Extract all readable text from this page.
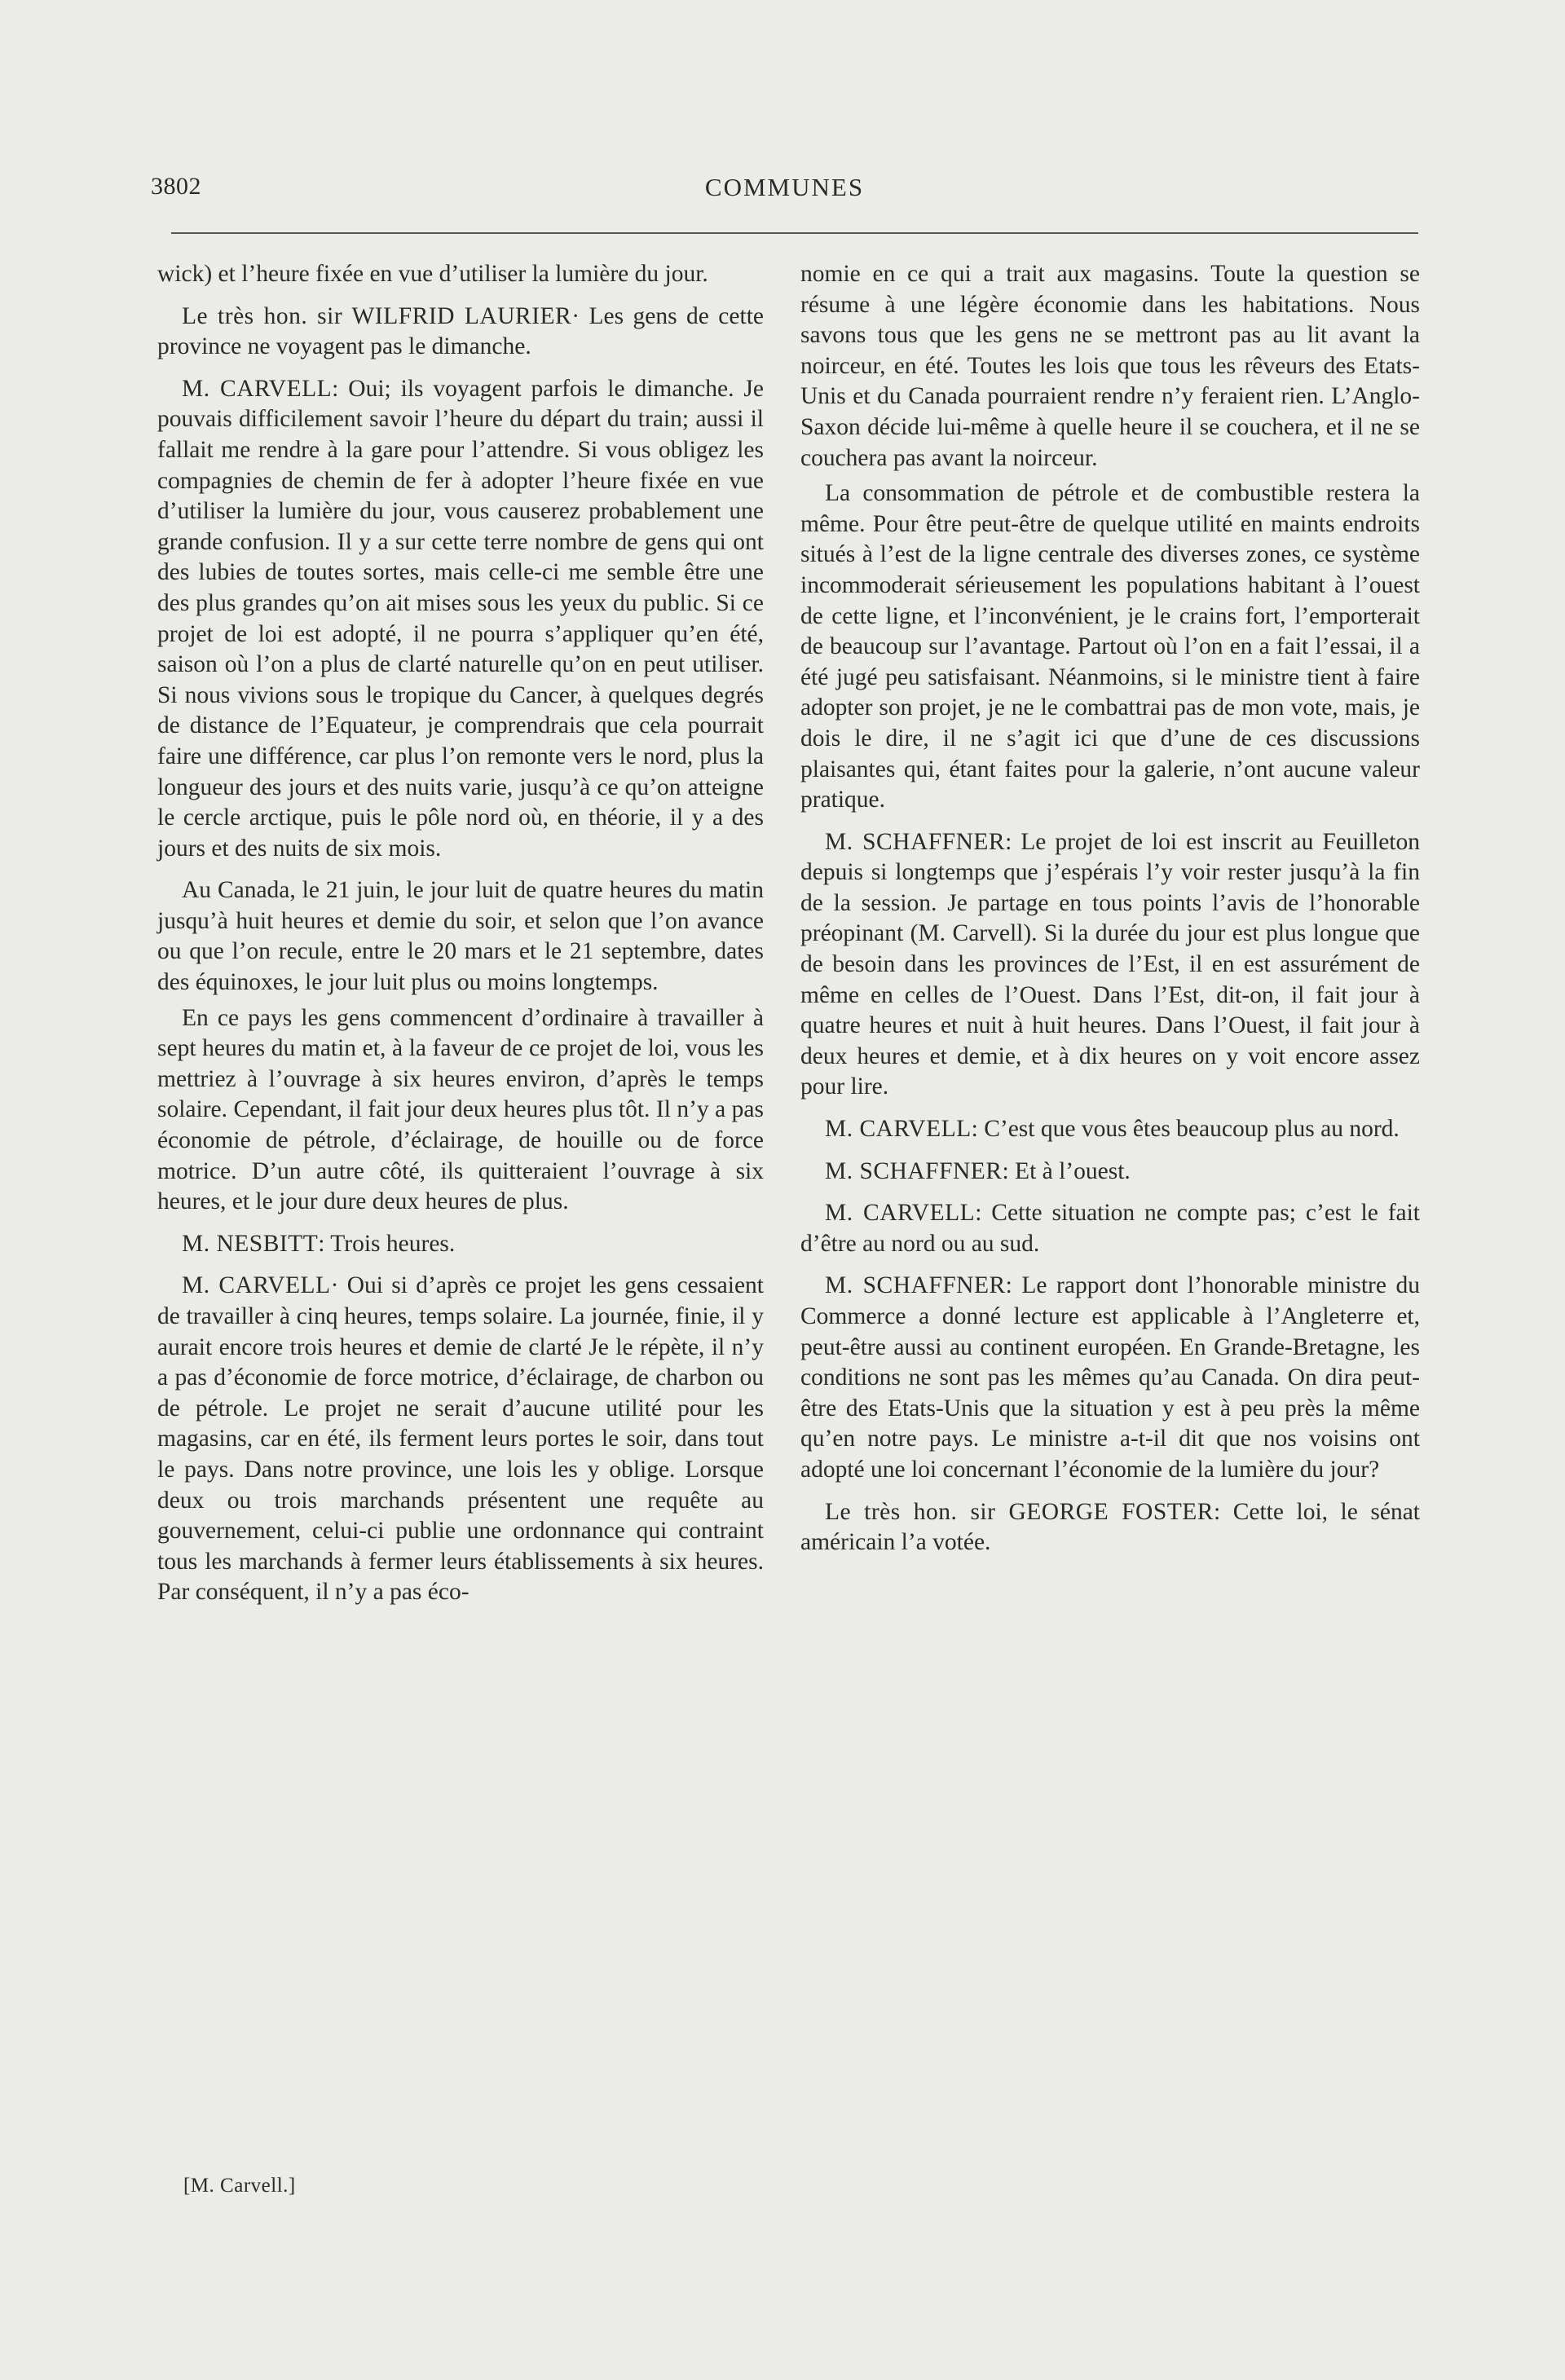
3802	COMMUNES

wick) et l’heure fixée en vue d’utiliser la lumière du jour.

Le très hon. sir WILFRID LAURIER· Les gens de cette province ne voyagent pas le dimanche.

M. CARVELL: Oui; ils voyagent parfois le dimanche. Je pouvais difficilement savoir l’heure du départ du train; aussi il fallait me rendre à la gare pour l’attendre. Si vous obligez les compagnies de chemin de fer à adopter l’heure fixée en vue d’utiliser la lumière du jour, vous causerez probablement une grande confusion. Il y a sur cette terre nombre de gens qui ont des lubies de toutes sortes, mais celle-ci me semble être une des plus grandes qu’on ait mises sous les yeux du public. Si ce projet de loi est adopté, il ne pourra s’appliquer qu’en été, saison où l’on a plus de clarté naturelle qu’on en peut utiliser. Si nous vivions sous le tropique du Cancer, à quelques degrés de distance de l’Equateur, je comprendrais que cela pourrait faire une différence, car plus l’on remonte vers le nord, plus la longueur des jours et des nuits varie, jusqu’à ce qu’on atteigne le cercle arctique, puis le pôle nord où, en théorie, il y a des jours et des nuits de six mois.

Au Canada, le 21 juin, le jour luit de quatre heures du matin jusqu’à huit heures et demie du soir, et selon que l’on avance ou que l’on recule, entre le 20 mars et le 21 septembre, dates des équinoxes, le jour luit plus ou moins longtemps.

En ce pays les gens commencent d’ordinaire à travailler à sept heures du matin et, à la faveur de ce projet de loi, vous les mettriez à l’ouvrage à six heures environ, d’après le temps solaire. Cependant, il fait jour deux heures plus tôt. Il n’y a pas économie de pétrole, d’éclairage, de houille ou de force motrice. D’un autre côté, ils quitteraient l’ouvrage à six heures, et le jour dure deux heures de plus.

M. NESBITT: Trois heures.

M. CARVELL· Oui si d’après ce projet les gens cessaient de travailler à cinq heures, temps solaire. La journée, finie, il y aurait encore trois heures et demie de clarté Je le répète, il n’y a pas d’économie de force motrice, d’éclairage, de charbon ou de pétrole. Le projet ne serait d’aucune utilité pour les magasins, car en été, ils ferment leurs portes le soir, dans tout le pays. Dans notre province, une lois les y oblige. Lorsque deux ou trois marchands présentent une requête au gouvernement, celui-ci publie une ordonnance qui contraint tous les marchands à fermer leurs établissements à six heures. Par conséquent, il n’y a pas éco-

nomie en ce qui a trait aux magasins. Toute la question se résume à une légère économie dans les habitations. Nous savons tous que les gens ne se mettront pas au lit avant la noirceur, en été. Toutes les lois que tous les rêveurs des Etats-Unis et du Canada pourraient rendre n’y feraient rien. L’Anglo-Saxon décide lui-même à quelle heure il se couchera, et il ne se couchera pas avant la noirceur.

La consommation de pétrole et de combustible restera la même. Pour être peut-être de quelque utilité en maints endroits situés à l’est de la ligne centrale des diverses zones, ce système incommoderait sérieusement les populations habitant à l’ouest de cette ligne, et l’inconvénient, je le crains fort, l’emporterait de beaucoup sur l’avantage. Partout où l’on en a fait l’essai, il a été jugé peu satisfaisant. Néanmoins, si le ministre tient à faire adopter son projet, je ne le combattrai pas de mon vote, mais, je dois le dire, il ne s’agit ici que d’une de ces discussions plaisantes qui, étant faites pour la galerie, n’ont aucune valeur pratique.

M. SCHAFFNER: Le projet de loi est inscrit au Feuilleton depuis si longtemps que j’espérais l’y voir rester jusqu’à la fin de la session. Je partage en tous points l’avis de l’honorable préopinant (M. Carvell). Si la durée du jour est plus longue que de besoin dans les provinces de l’Est, il en est assurément de même en celles de l’Ouest. Dans l’Est, dit-on, il fait jour à quatre heures et nuit à huit heures. Dans l’Ouest, il fait jour à deux heures et demie, et à dix heures on y voit encore assez pour lire.

M. CARVELL: C’est que vous êtes beaucoup plus au nord.

M. SCHAFFNER: Et à l’ouest.

M. CARVELL: Cette situation ne compte pas; c’est le fait d’être au nord ou au sud.

M. SCHAFFNER: Le rapport dont l’honorable ministre du Commerce a donné lecture est applicable à l’Angleterre et, peut-être aussi au continent européen. En Grande-Bretagne, les conditions ne sont pas les mêmes qu’au Canada. On dira peut-être des Etats-Unis que la situation y est à peu près la même qu’en notre pays. Le ministre a-t-il dit que nos voisins ont adopté une loi concernant l’économie de la lumière du jour?

Le très hon. sir GEORGE FOSTER: Cette loi, le sénat américain l’a votée.

[M. Carvell.]
